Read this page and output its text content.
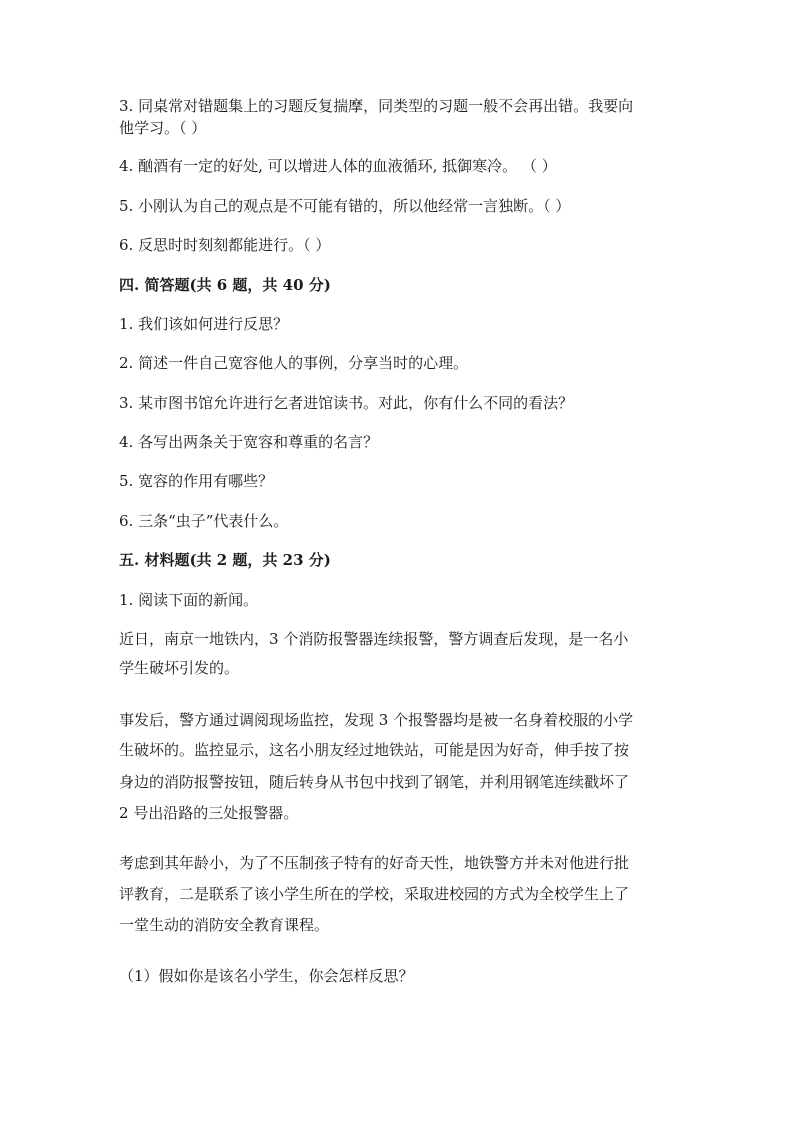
3. 同桌常对错题集上的习题反复揣摩，同类型的习题一般不会再出错。我要向
他学习。（ ）
4. 酗酒有一定的好处, 可以增进人体的血液循环, 抵御寒冷。 （ ）
5. 小刚认为自己的观点是不可能有错的，所以他经常一言独断。（ ）
6. 反思时时刻刻都能进行。（ ）
四. 简答题(共 6 题，共 40 分)
1. 我们该如何进行反思？
2. 简述一件自己宽容他人的事例，分享当时的心理。
3. 某市图书馆允许进行乞者进馆读书。对此，你有什么不同的看法？
4. 各写出两条关于宽容和尊重的名言？
5. 宽容的作用有哪些？
6. 三条“虫子”代表什么。
五. 材料题(共 2 题，共 23 分)
1. 阅读下面的新闻。
近日，南京一地铁内，3 个消防报警器连续报警，警方调查后发现，是一名小
学生破坏引发的。
事发后，警方通过调阅现场监控，发现 3 个报警器均是被一名身着校服的小学
生破坏的。监控显示，这名小朋友经过地铁站，可能是因为好奇，伸手按了按
身边的消防报警按钮，随后转身从书包中找到了钢笔，并利用钢笔连续戳坏了
2 号出沿路的三处报警器。
考虑到其年龄小，为了不压制孩子特有的好奇天性，地铁警方并未对他进行批
评教育，二是联系了该小学生所在的学校，采取进校园的方式为全校学生上了
一堂生动的消防安全教育课程。
（1）假如你是该名小学生，你会怎样反思？
